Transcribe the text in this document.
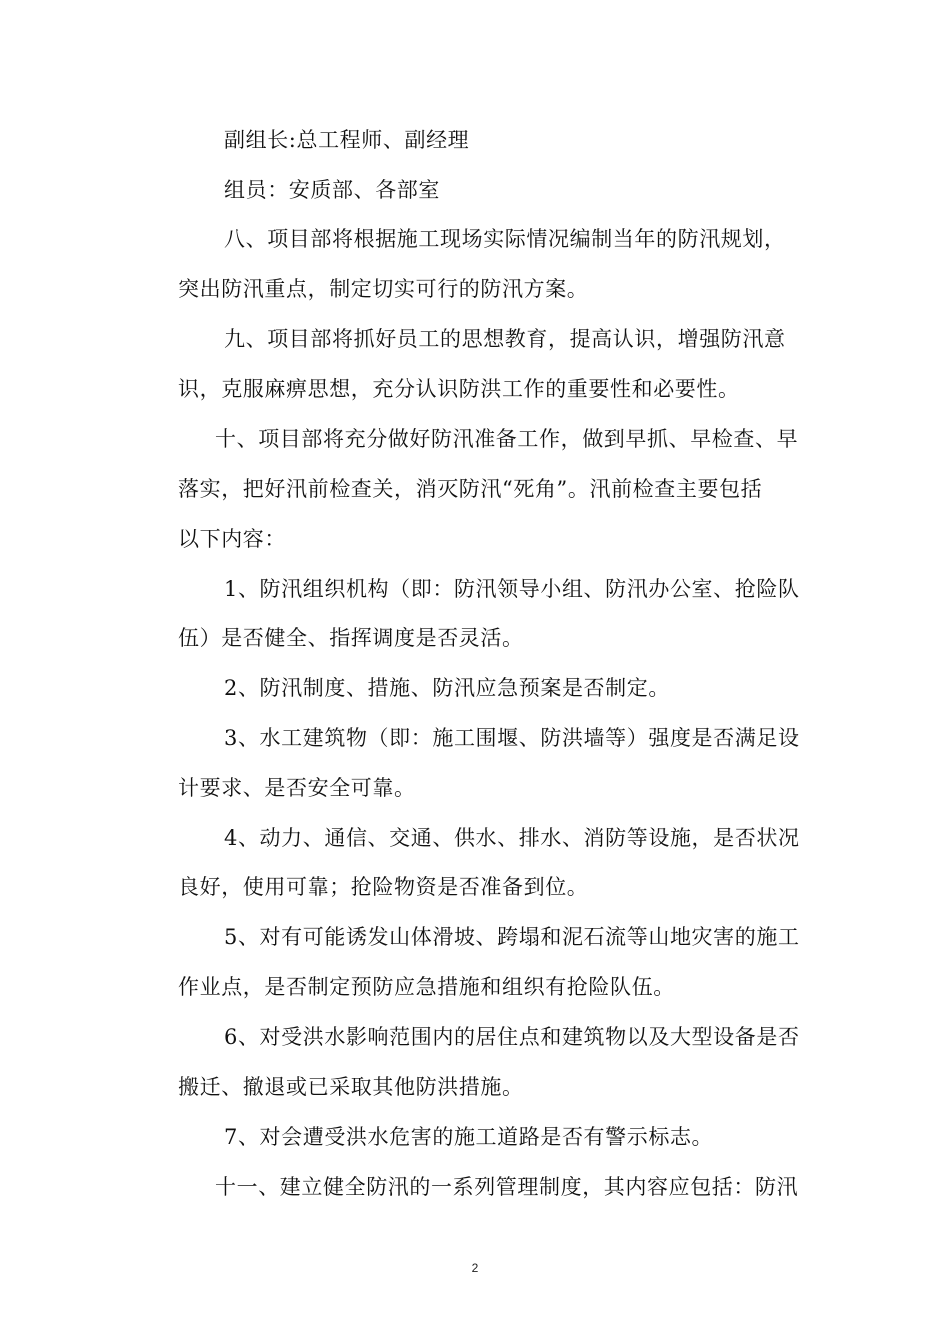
副组长:总工程师、副经理
组员：安质部、各部室
八、项目部将根据施工现场实际情况编制当年的防汛规划，
突出防汛重点，制定切实可行的防汛方案。
九、项目部将抓好员工的思想教育，提高认识，增强防汛意
识，克服麻痹思想，充分认识防洪工作的重要性和必要性。
十、项目部将充分做好防汛准备工作，做到早抓、早检查、早
落实，把好汛前检查关，消灭防汛“死角”。汛前检查主要包括
以下内容：
1、防汛组织机构（即：防汛领导小组、防汛办公室、抢险队
伍）是否健全、指挥调度是否灵活。
2、防汛制度、措施、防汛应急预案是否制定。
3、水工建筑物（即：施工围堰、防洪墙等）强度是否满足设
计要求、是否安全可靠。
4、动力、通信、交通、供水、排水、消防等设施，是否状况
良好，使用可靠；抢险物资是否准备到位。
5、对有可能诱发山体滑坡、跨塌和泥石流等山地灾害的施工
作业点，是否制定预防应急措施和组织有抢险队伍。
6、对受洪水影响范围内的居住点和建筑物以及大型设备是否
搬迁、撤退或已采取其他防洪措施。
7、对会遭受洪水危害的施工道路是否有警示标志。
十一、建立健全防汛的一系列管理制度，其内容应包括：防汛
2
